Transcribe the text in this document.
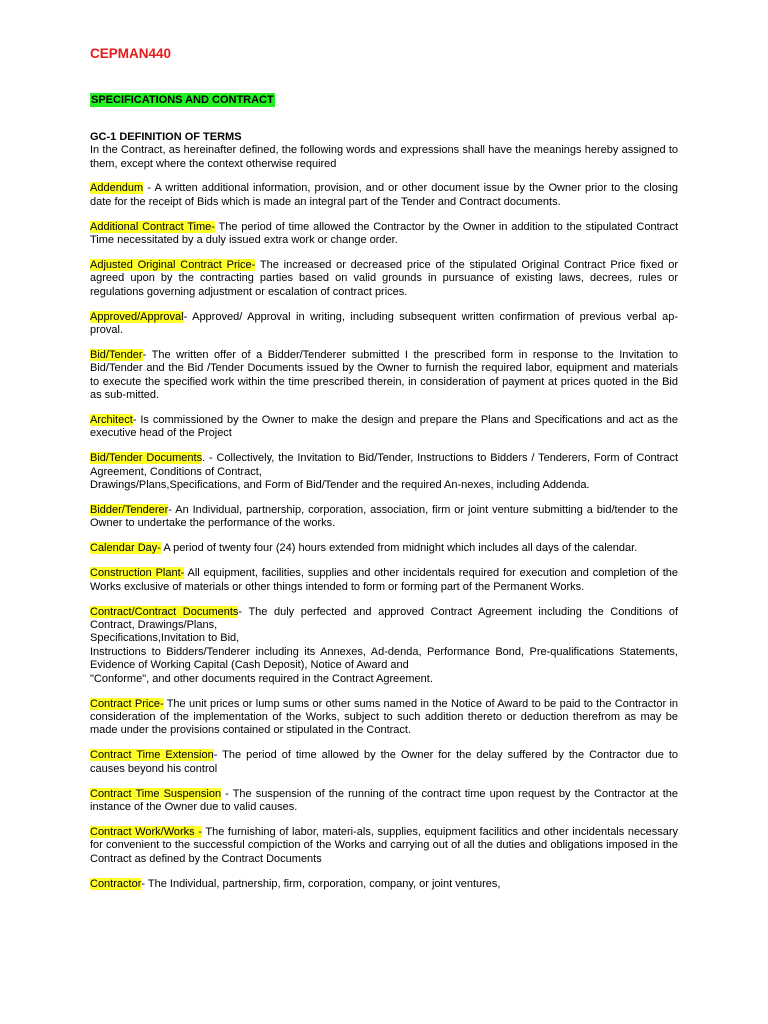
CEPMAN440
SPECIFICATIONS AND CONTRACT
GC-1 DEFINITION OF TERMS
In the Contract, as hereinafter defined, the following words and expressions shall have the meanings hereby assigned to them, except where the context otherwise required

Addendum - A written additional information, provision, and or other document issue by the Owner prior to the closing date for the receipt of Bids which is made an integral part of the Tender and Contract documents.

Additional Contract Time- The period of time allowed the Contractor by the Owner in addition to the stipulated Contract Time necessitated by a duly issued extra work or change order.

Adjusted Original Contract Price- The increased or decreased price of the stipulated Original Contract Price fixed or agreed upon by the contracting parties based on valid grounds in pursuance of existing laws, decrees, rules or regulations governing adjustment or escalation of contract prices.

Approved/Approval- Approved/ Approval in writing, including subsequent written confirmation of previous verbal ap-proval.

Bid/Tender- The written offer of a Bidder/Tenderer submitted I the prescribed form in response to the Invitation to Bid/Tender and the Bid /Tender Documents issued by the Owner to furnish the required labor, equipment and materials to execute the specified work within the time prescribed therein, in consideration of payment at prices quoted in the Bid as sub-mitted.

Architect- Is commissioned by the Owner to make the design and prepare the Plans and Specifications and act as the executive head of the Project

Bid/Tender Documents. - Collectively, the Invitation to Bid/Tender, Instructions to Bidders / Tenderers, Form of Contract Agreement, Conditions of Contract,
Drawings/Plans,Specifications, and Form of Bid/Tender and the required An-nexes, including Addenda.

Bidder/Tenderer- An Individual, partnership, corporation, association, firm or joint venture submitting a bid/tender to the Owner to undertake the performance of the works.

Calendar Day- A period of twenty four (24) hours extended from midnight which includes all days of the calendar.

Construction Plant- All equipment, facilities, supplies and other incidentals required for execution and completion of the Works exclusive of materials or other things intended to form or forming part of the Permanent Works.

Contract/Contract Documents- The duly perfected and approved Contract Agreement including the Conditions of Contract, Drawings/Plans,
Specifications,Invitation to Bid,
Instructions to Bidders/Tenderer including its Annexes, Ad-denda, Performance Bond, Pre-qualifications Statements, Evidence of Working Capital (Cash Deposit), Notice of Award and
"Conforme", and other documents required in the Contract Agreement.

Contract Price- The unit prices or lump sums or other sums named in the Notice of Award to be paid to the Contractor in consideration of the implementation of the Works, subject to such addition thereto or deduction therefrom as may be made under the provisions contained or stipulated in the Contract.

Contract Time Extension- The period of time allowed by the Owner for the delay suffered by the Contractor due to causes beyond his control

Contract Time Suspension - The suspension of the running of the contract time upon request by the Contractor at the instance of the Owner due to valid causes.

Contract Work/Works - The furnishing of labor, materi-als, supplies, equipment facilitics and other incidentals necessary for convenient to the successful compiction of the Works and carrying out of all the duties and obligations imposed in the Contract as defined by the Contract Documents

Contractor- The Individual, partnership, firm, corporation, company, or joint ventures,
